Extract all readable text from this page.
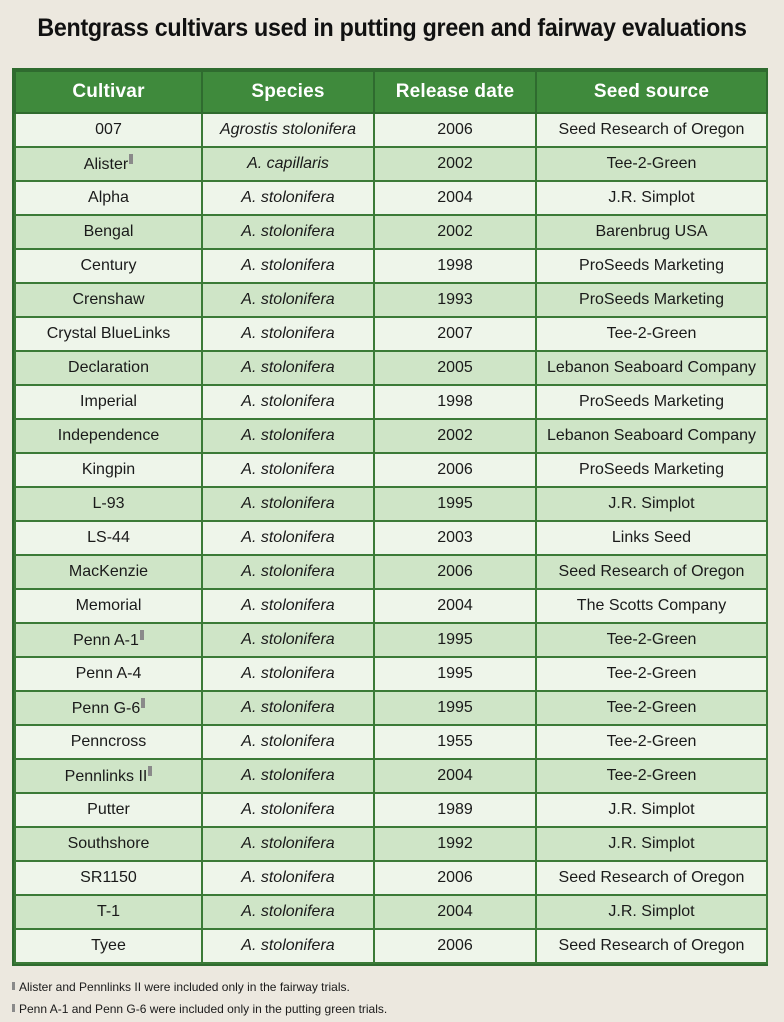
Bentgrass cultivars used in putting green and fairway evaluations
Cultivar	Species	Release date	Seed source
007	Agrostis stolonifera	2006	Seed Research of Oregon
Alister	A. capillaris	2002	Tee-2-Green
Alpha	A. stolonifera	2004	J.R. Simplot
Bengal	A. stolonifera	2002	Barenbrug USA
Century	A. stolonifera	1998	ProSeeds Marketing
Crenshaw	A. stolonifera	1993	ProSeeds Marketing
Crystal BlueLinks	A. stolonifera	2007	Tee-2-Green
Declaration	A. stolonifera	2005	Lebanon Seaboard Company
Imperial	A. stolonifera	1998	ProSeeds Marketing
Independence	A. stolonifera	2002	Lebanon Seaboard Company
Kingpin	A. stolonifera	2006	ProSeeds Marketing
L-93	A. stolonifera	1995	J.R. Simplot
LS-44	A. stolonifera	2003	Links Seed
MacKenzie	A. stolonifera	2006	Seed Research of Oregon
Memorial	A. stolonifera	2004	The Scotts Company
Penn A-1	A. stolonifera	1995	Tee-2-Green
Penn A-4	A. stolonifera	1995	Tee-2-Green
Penn G-6	A. stolonifera	1995	Tee-2-Green
Penncross	A. stolonifera	1955	Tee-2-Green
Pennlinks II	A. stolonifera	2004	Tee-2-Green
Putter	A. stolonifera	1989	J.R. Simplot
Southshore	A. stolonifera	1992	J.R. Simplot
SR1150	A. stolonifera	2006	Seed Research of Oregon
T-1	A. stolonifera	2004	J.R. Simplot
Tyee	A. stolonifera	2006	Seed Research of Oregon
Alister and Pennlinks II were included only in the fairway trials.
Penn A-1 and Penn G-6 were included only in the putting green trials.
